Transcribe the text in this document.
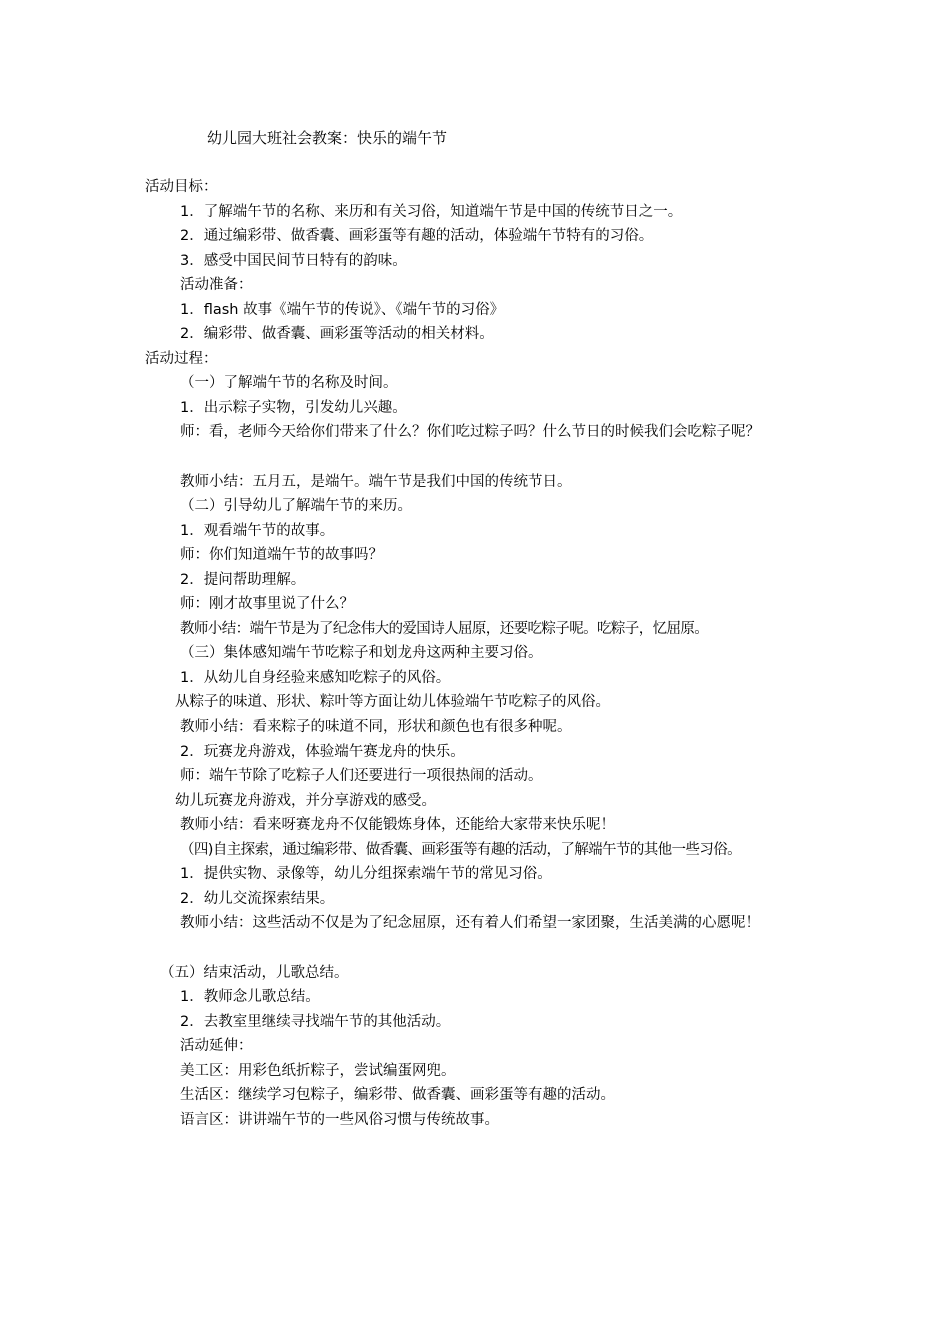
幼儿园大班社会教案：快乐的端午节
活动目标：
1．了解端午节的名称、来历和有关习俗，知道端午节是中国的传统节日之一。
2．通过编彩带、做香囊、画彩蛋等有趣的活动，体验端午节特有的习俗。
3．感受中国民间节日特有的韵味。
活动准备：
1．flash 故事《端午节的传说》、《端午节的习俗》
2．编彩带、做香囊、画彩蛋等活动的相关材料。
活动过程：
（一）了解端午节的名称及时间。
1．出示粽子实物，引发幼儿兴趣。
师：看，老师今天给你们带来了什么？你们吃过粽子吗？什么节日的时候我们会吃粽子呢？
教师小结：五月五，是端午。端午节是我们中国的传统节日。
（二）引导幼儿了解端午节的来历。
1．观看端午节的故事。
师：你们知道端午节的故事吗？
2．提问帮助理解。
师：刚才故事里说了什么？
教师小结：端午节是为了纪念伟大的爱国诗人屈原，还要吃粽子呢。吃粽子，忆屈原。
（三）集体感知端午节吃粽子和划龙舟这两种主要习俗。
1．从幼儿自身经验来感知吃粽子的风俗。
从粽子的味道、形状、粽叶等方面让幼儿体验端午节吃粽子的风俗。
教师小结：看来粽子的味道不同，形状和颜色也有很多种呢。
2．玩赛龙舟游戏，体验端午赛龙舟的快乐。
师：端午节除了吃粽子人们还要进行一项很热闹的活动。
幼儿玩赛龙舟游戏，并分享游戏的感受。
教师小结：看来呀赛龙舟不仅能锻炼身体，还能给大家带来快乐呢！
（四)自主探索，通过编彩带、做香囊、画彩蛋等有趣的活动，了解端午节的其他一些习俗。
1．提供实物、录像等，幼儿分组探索端午节的常见习俗。
2．幼儿交流探索结果。
教师小结：这些活动不仅是为了纪念屈原，还有着人们希望一家团聚，生活美满的心愿呢！
（五）结束活动，儿歌总结。
1．教师念儿歌总结。
2．去教室里继续寻找端午节的其他活动。
活动延伸：
美工区：用彩色纸折粽子，尝试编蛋网兜。
生活区：继续学习包粽子，编彩带、做香囊、画彩蛋等有趣的活动。
语言区：讲讲端午节的一些风俗习惯与传统故事。
